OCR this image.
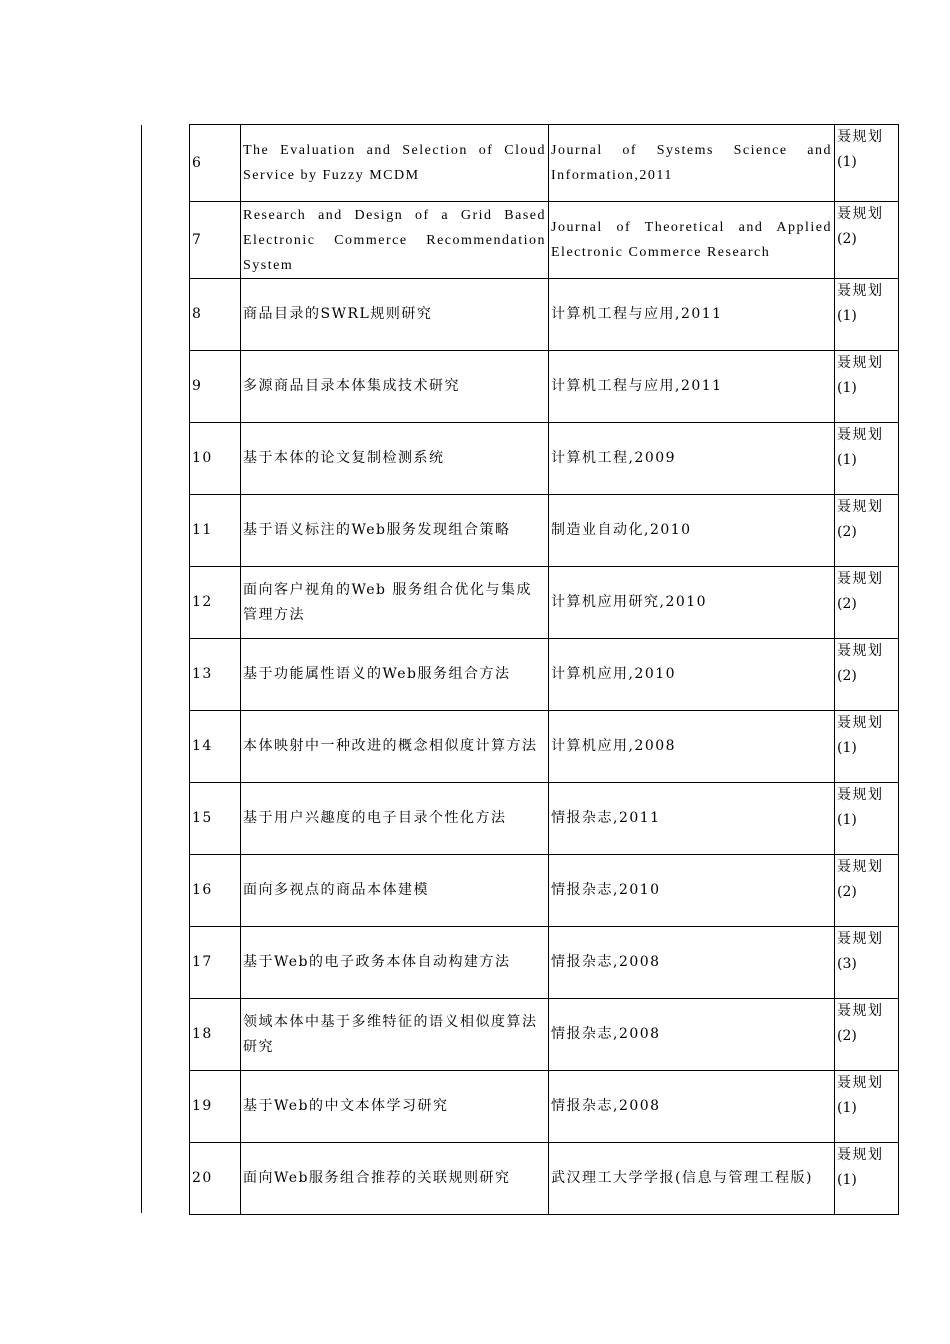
6	The Evaluation and Selection of Cloud Service by Fuzzy MCDM	Journal of Systems Science and Information,2011	聂规划
(1)

7	Research and Design of a Grid Based Electronic Commerce Recommendation System	Journal of Theoretical and Applied Electronic Commerce Research	聂规划
(2)

8	商品目录的SWRL规则研究	计算机工程与应用,2011	聂规划
(1)

9	多源商品目录本体集成技术研究	计算机工程与应用,2011	聂规划
(1)

10	基于本体的论文复制检测系统	计算机工程,2009	聂规划
(1)

11	基于语义标注的Web服务发现组合策略	制造业自动化,2010	聂规划
(2)

12	面向客户视角的Web 服务组合优化与集成管理方法	计算机应用研究,2010	聂规划
(2)

13	基于功能属性语义的Web服务组合方法	计算机应用,2010	聂规划
(2)

14	本体映射中一种改进的概念相似度计算方法	计算机应用,2008	聂规划
(1)

15	基于用户兴趣度的电子目录个性化方法	情报杂志,2011	聂规划
(1)

16	面向多视点的商品本体建模	情报杂志,2010	聂规划
(2)

17	基于Web的电子政务本体自动构建方法	情报杂志,2008	聂规划
(3)

18	领域本体中基于多维特征的语义相似度算法研究	情报杂志,2008	聂规划
(2)

19	基于Web的中文本体学习研究	情报杂志,2008	聂规划
(1)

20	面向Web服务组合推荐的关联规则研究	武汉理工大学学报(信息与管理工程版)	聂规划
(1)
